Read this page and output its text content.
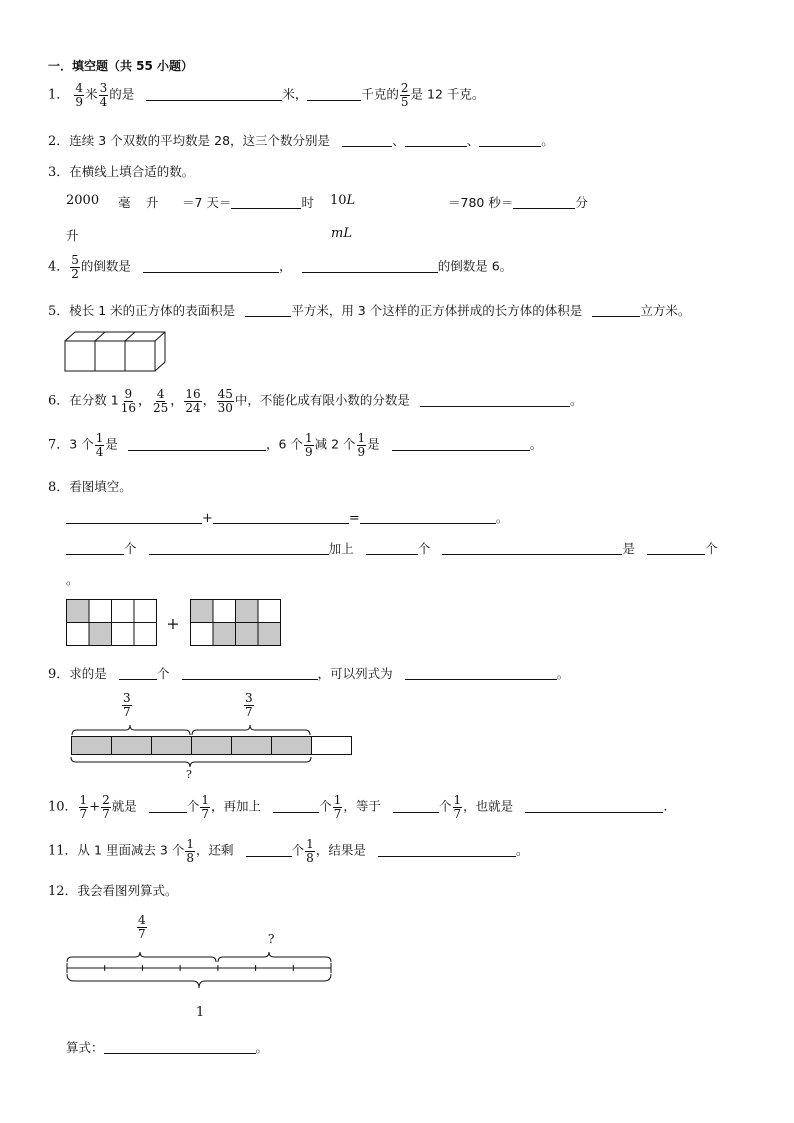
一．填空题（共 55 小题）
1． $\frac{4}{9}$ 米 $\frac{3}{4}$ 的是	米，	千克的 $\frac{2}{5}$ 是 12 千克。
2．连续 3 个双数的平均数是 28，这三个数分别是	、	、	。
3．在横线上填合适的数。
2000 毫 升
升
＝7 天＝	时 10L
mL
＝780 秒＝	分
4． $\frac{5}{2}$ 的倒数是	，	的倒数是 6。
5．棱长 1 米的正方体的表面积是	平方米，用 3 个这样的正方体拼成的长方体的体积是	立方米。
6．在分数 $1 \frac{9}{16}$ ， $\frac{4}{25}$ ， $\frac{16}{24}$ ， $\frac{45}{30}$ 中，不能化成有限小数的分数是	。
7．3 个 $\frac{1}{4}$ 是	，6 个 $\frac{1}{9}$ 减 2 个 $\frac{1}{9}$ 是	。
8．看图填空。
+	=	。
个	加上	个	是	个
。
+
9．求的是	个	，可以列式为	。
$\frac{3}{7}$	$\frac{3}{7}$
?
10． $\frac{1}{7} + \frac{2}{7}$ 就是	个 $\frac{1}{7}$ ，再加上	个 $\frac{1}{7}$ ，等于	个 $\frac{1}{7}$ ，也就是	.
11．从 1 里面减去 3 个 $\frac{1}{8}$ ，还剩	个 $\frac{1}{8}$ ，结果是	。
12．我会看图列算式。
$\frac{4}{7}$	?
1
算式：	。
